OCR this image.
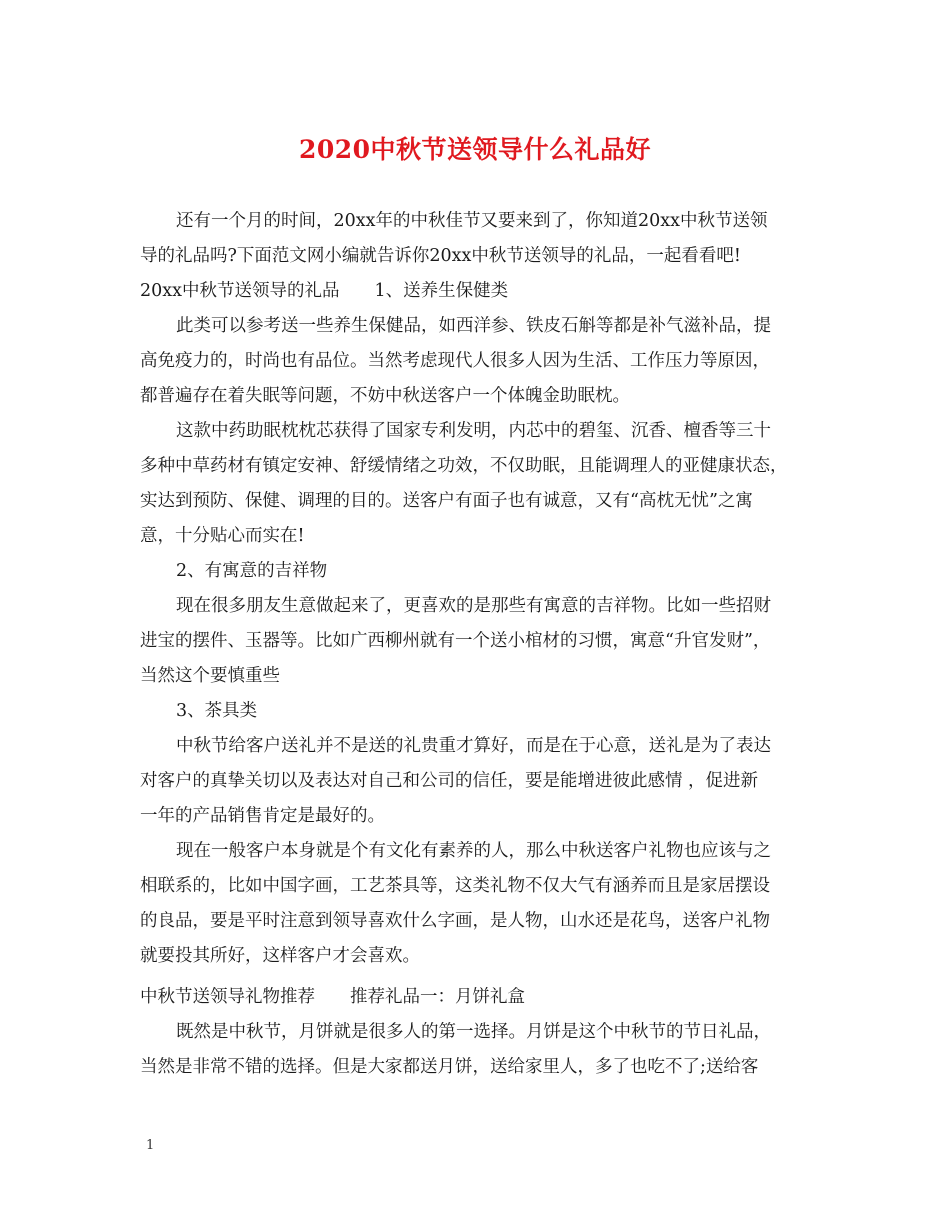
2020中秋节送领导什么礼品好
还有一个月的时间，20xx年的中秋佳节又要来到了，你知道20xx中秋节送领
导的礼品吗?下面范文网小编就告诉你20xx中秋节送领导的礼品，一起看看吧!
20xx中秋节送领导的礼品　　1、送养生保健类
此类可以参考送一些养生保健品，如西洋参、铁皮石斛等都是补气滋补品，提
高免疫力的，时尚也有品位。当然考虑现代人很多人因为生活、工作压力等原因，
都普遍存在着失眠等问题，不妨中秋送客户一个体魄金助眠枕。
这款中药助眠枕枕芯获得了国家专利发明，内芯中的碧玺、沉香、檀香等三十
多种中草药材有镇定安神、舒缓情绪之功效，不仅助眠，且能调理人的亚健康状态，
实达到预防、保健、调理的目的。送客户有面子也有诚意，又有“高枕无忧”之寓
意，十分贴心而实在!
2、有寓意的吉祥物
现在很多朋友生意做起来了，更喜欢的是那些有寓意的吉祥物。比如一些招财
进宝的摆件、玉器等。比如广西柳州就有一个送小棺材的习惯，寓意“升官发财”，
当然这个要慎重些
3、茶具类
中秋节给客户送礼并不是送的礼贵重才算好，而是在于心意，送礼是为了表达
对客户的真挚关切以及表达对自己和公司的信任，要是能增进彼此感情 ，促进新
一年的产品销售肯定是最好的。
现在一般客户本身就是个有文化有素养的人，那么中秋送客户礼物也应该与之
相联系的，比如中国字画，工艺茶具等，这类礼物不仅大气有涵养而且是家居摆设
的良品，要是平时注意到领导喜欢什么字画，是人物，山水还是花鸟，送客户礼物
就要投其所好，这样客户才会喜欢。
中秋节送领导礼物推荐　　推荐礼品一：月饼礼盒
既然是中秋节，月饼就是很多人的第一选择。月饼是这个中秋节的节日礼品，
当然是非常不错的选择。但是大家都送月饼，送给家里人，多了也吃不了;送给客
1
